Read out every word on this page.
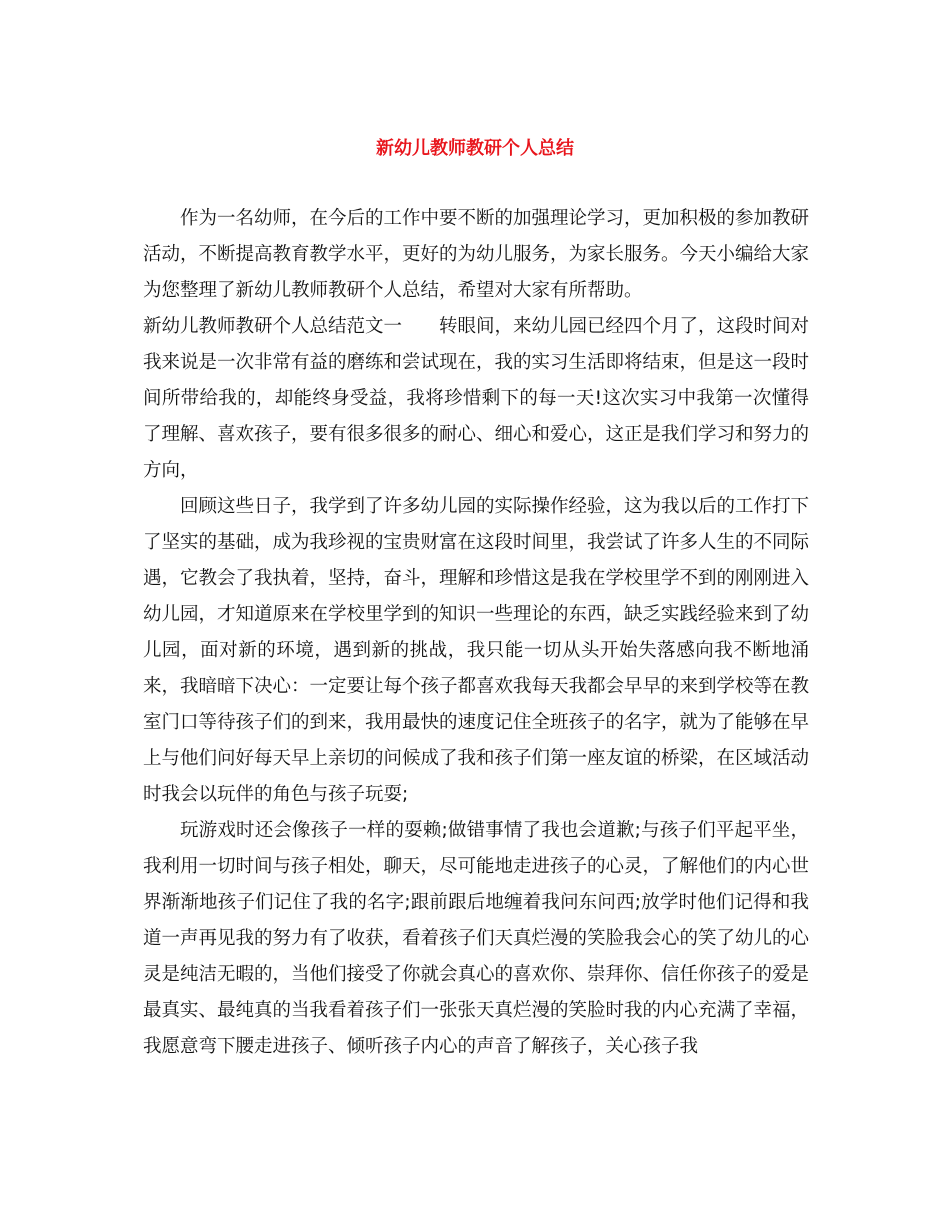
新幼儿教师教研个人总结

作为一名幼师，在今后的工作中要不断的加强理论学习，更加积极的参加教研活动，不断提高教育教学水平，更好的为幼儿服务，为家长服务。今天小编给大家为您整理了新幼儿教师教研个人总结，希望对大家有所帮助。

新幼儿教师教研个人总结范文一　　转眼间，来幼儿园已经四个月了，这段时间对我来说是一次非常有益的磨练和尝试现在，我的实习生活即将结束，但是这一段时间所带给我的，却能终身受益，我将珍惜剩下的每一天!这次实习中我第一次懂得了理解、喜欢孩子，要有很多很多的耐心、细心和爱心，这正是我们学习和努力的方向，

回顾这些日子，我学到了许多幼儿园的实际操作经验，这为我以后的工作打下了坚实的基础，成为我珍视的宝贵财富在这段时间里，我尝试了许多人生的不同际遇，它教会了我执着，坚持，奋斗，理解和珍惜这是我在学校里学不到的刚刚进入幼儿园，才知道原来在学校里学到的知识一些理论的东西，缺乏实践经验来到了幼儿园，面对新的环境，遇到新的挑战，我只能一切从头开始失落感向我不断地涌来，我暗暗下决心：一定要让每个孩子都喜欢我每天我都会早早的来到学校等在教室门口等待孩子们的到来，我用最快的速度记住全班孩子的名字，就为了能够在早上与他们问好每天早上亲切的问候成了我和孩子们第一座友谊的桥梁，在区域活动时我会以玩伴的角色与孩子玩耍;

玩游戏时还会像孩子一样的耍赖;做错事情了我也会道歉;与孩子们平起平坐，我利用一切时间与孩子相处，聊天，尽可能地走进孩子的心灵，了解他们的内心世界渐渐地孩子们记住了我的名字;跟前跟后地缠着我问东问西;放学时他们记得和我道一声再见我的努力有了收获，看着孩子们天真烂漫的笑脸我会心的笑了幼儿的心灵是纯洁无暇的，当他们接受了你就会真心的喜欢你、崇拜你、信任你孩子的爱是最真实、最纯真的当我看着孩子们一张张天真烂漫的笑脸时我的内心充满了幸福，我愿意弯下腰走进孩子、倾听孩子内心的声音了解孩子，关心孩子我
